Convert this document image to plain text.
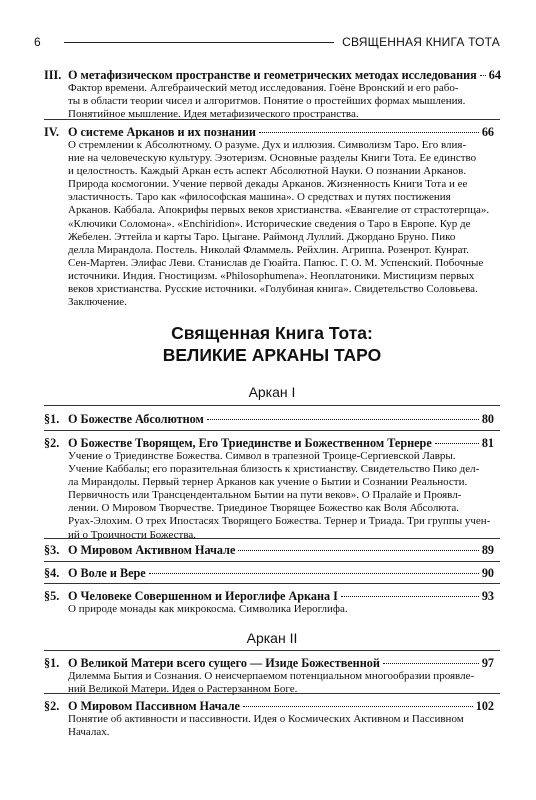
6	СВЯЩЕННАЯ КНИГА ТОТА
III. О метафизическом пространстве и геометрических методах исследования 64
Фактор времени. Алгебраический метод исследования. Гоёне Вронский и его рабо-
ты в области теории чисел и алгоритмов. Понятие о простейших формах мышления.
Понятийное мышление. Идея метафизического пространства.
IV. О системе Арканов и их познании	66
О стремлении к Абсолютному. О разуме. Дух и иллюзия. Символизм Таро. Его влия-
ние на человеческую культуру. Эзотеризм. Основные разделы Книги Тота. Ее единство
и целостность. Каждый Аркан есть аспект Абсолютной Науки. О познании Арканов.
Природа космогонии. Учение первой декады Арканов. Жизненность Книги Тота и ее
эластичность. Таро как «философская машина». О средствах и путях постижения
Арканов. Каббала. Апокрифы первых веков христианства. «Евангелие от страстотерпца».
«Ключики Соломона». «Enchiridion». Исторические сведения о Таро в Европе. Кур де
Жебелен. Эттейла и карты Таро. Цыгане. Раймонд Луллий. Джордано Бруно. Пико
делла Мирандола. Постель. Николай Фламмель. Рейхлин. Агриппа. Розенрот. Кунрат.
Сен-Мартен. Элифас Леви. Станислав де Гюайта. Папюс. Г. О. М. Успенский. Побочные
источники. Индия. Гностицизм. «Philosophumena». Неоплатоники. Мистицизм первых
веков христианства. Русские источники. «Голубиная книга». Свидетельство Соловьева.
Заключение.
Священная Книга Тота:
ВЕЛИКИЕ АРКАНЫ ТАРО
Аркан I
§1. О Божестве Абсолютном	80
§2. О Божестве Творящем, Его Триединстве и Божественном Тернере	81
Учение о Триединстве Божества. Символ в трапезной Троице-Сергиевской Лавры.
Учение Каббалы; его поразительная близость к христианству. Свидетельство Пико дел-
ла Мирандолы. Первый тернер Арканов как учение о Бытии и Сознании Реальности.
Первичность или Трансцендентальном Бытии на пути веков». О Пралайе и Проявл-
лении. О Мировом Творчестве. Триединое Творящее Божество как Воля Абсолюта.
Руах-Элохим. О трех Ипостасях Творящего Божества. Тернер и Триада. Три группы учен-
ий о Троичности Божества.
§3. О Мировом Активном Начале	89
§4. О Воле и Вере	90
§5. О Человеке Совершенном и Иероглифе Аркана I	93
О природе монады как микрокосма. Символика Иероглифа.
Аркан II
§1. О Великой Матери всего сущего — Изиде Божественной	97
Дилемма Бытия и Сознания. О неисчерпаемом потенциальном многообразии проявле-
ний Великой Матери. Идея о Растерзанном Боге.
§2. О Мировом Пассивном Начале	102
Понятие об активности и пассивности. Идея о Космических Активном и Пассивном
Началах.
